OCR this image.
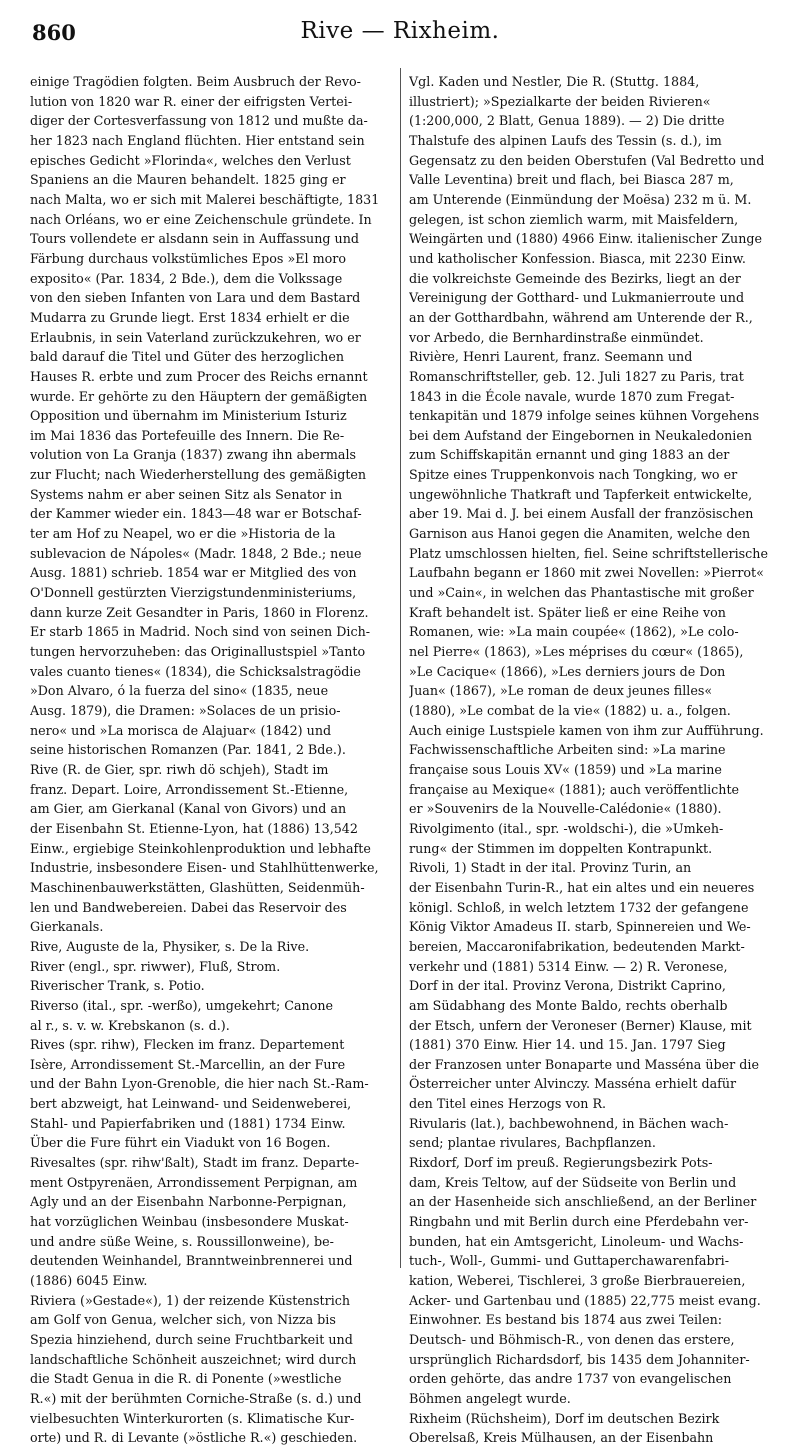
860	Rive — Rixheim.
einige Tragödien folgten. Beim Ausbruch der Revo-
lution von 1820 war R. einer der eifrigsten Vertei-
diger der Cortesverfassung von 1812 und mußte da-
her 1823 nach England flüchten. Hier entstand sein
episches Gedicht »Florinda«, welches den Verlust
Spaniens an die Mauren behandelt. 1825 ging er
nach Malta, wo er sich mit Malerei beschäftigte, 1831
nach Orléans, wo er eine Zeichenschule gründete. In
Tours vollendete er alsdann sein in Auffassung und
Färbung durchaus volkstümliches Epos »El moro
exposito« (Par. 1834, 2 Bde.), dem die Volkssage
von den sieben Infanten von Lara und dem Bastard
Mudarra zu Grunde liegt. Erst 1834 erhielt er die
Erlaubnis, in sein Vaterland zurückzukehren, wo er
bald darauf die Titel und Güter des herzoglichen
Hauses R. erbte und zum Procer des Reichs ernannt
wurde. Er gehörte zu den Häuptern der gemäßigten
Opposition und übernahm im Ministerium Isturiz
im Mai 1836 das Portefeuille des Innern. Die Re-
volution von La Granja (1837) zwang ihn abermals
zur Flucht; nach Wiederherstellung des gemäßigten
Systems nahm er aber seinen Sitz als Senator in
der Kammer wieder ein. 1843—48 war er Botschaf-
ter am Hof zu Neapel, wo er die »Historia de la
sublevacion de Nápoles« (Madr. 1848, 2 Bde.; neue
Ausg. 1881) schrieb. 1854 war er Mitglied des von
O'Donnell gestürzten Vierzigstundenministeriums,
dann kurze Zeit Gesandter in Paris, 1860 in Florenz.
Er starb 1865 in Madrid. Noch sind von seinen Dich-
tungen hervorzuheben: das Originallustspiel »Tanto
vales cuanto tienes« (1834), die Schicksalstragödie
»Don Alvaro, ó la fuerza del sino« (1835, neue
Ausg. 1879), die Dramen: »Solaces de un prisio-
nero« und »La morisca de Alajuar« (1842) und
seine historischen Romanzen (Par. 1841, 2 Bde.).
Rive (R. de Gier, spr. riwh dö schjeh), Stadt im
franz. Depart. Loire, Arrondissement St.-Etienne,
am Gier, am Gierkanal (Kanal von Givors) und an
der Eisenbahn St. Etienne-Lyon, hat (1886) 13,542
Einw., ergiebige Steinkohlenproduktion und lebhafte
Industrie, insbesondere Eisen- und Stahlhüttenwerke,
Maschinenbauwerkstätten, Glashütten, Seidenmüh-
len und Bandwebereien. Dabei das Reservoir des
Gierkanals.
Rive, Auguste de la, Physiker, s. De la Rive.
River (engl., spr. riwwer), Fluß, Strom.
Riverischer Trank, s. Potio.
Riverso (ital., spr. -werßo), umgekehrt; Canone
al r., s. v. w. Krebskanon (s. d.).
Rives (spr. rihw), Flecken im franz. Departement
Isère, Arrondissement St.-Marcellin, an der Fure
und der Bahn Lyon-Grenoble, die hier nach St.-Ram-
bert abzweigt, hat Leinwand- und Seidenweberei,
Stahl- und Papierfabriken und (1881) 1734 Einw.
Über die Fure führt ein Viadukt von 16 Bogen.
Rivesaltes (spr. rihw'ßalt), Stadt im franz. Departe-
ment Ostpyrenäen, Arrondissement Perpignan, am
Agly und an der Eisenbahn Narbonne-Perpignan,
hat vorzüglichen Weinbau (insbesondere Muskat-
und andre süße Weine, s. Roussillonweine), be-
deutenden Weinhandel, Branntweinbrennerei und
(1886) 6045 Einw.
Riviera (»Gestade«), 1) der reizende Küstenstrich
am Golf von Genua, welcher sich, von Nizza bis
Spezia hinziehend, durch seine Fruchtbarkeit und
landschaftliche Schönheit auszeichnet; wird durch
die Stadt Genua in die R. di Ponente (»westliche
R.«) mit der berühmten Corniche-Straße (s. d.) und
vielbesuchten Winterkurorten (s. Klimatische Kur-
orte) und R. di Levante (»östliche R.«) geschieden.
Vgl. Kaden und Nestler, Die R. (Stuttg. 1884,
illustriert); »Spezialkarte der beiden Rivieren«
(1:200,000, 2 Blatt, Genua 1889). — 2) Die dritte
Thalstufe des alpinen Laufs des Tessin (s. d.), im
Gegensatz zu den beiden Oberstufen (Val Bedretto und
Valle Leventina) breit und flach, bei Biasca 287 m,
am Unterende (Einmündung der Moësa) 232 m ü. M.
gelegen, ist schon ziemlich warm, mit Maisfeldern,
Weingärten und (1880) 4966 Einw. italienischer Zunge
und katholischer Konfession. Biasca, mit 2230 Einw.
die volkreichste Gemeinde des Bezirks, liegt an der
Vereinigung der Gotthard- und Lukmanierroute und
an der Gotthardbahn, während am Unterende der R.,
vor Arbedo, die Bernhardinstraße einmündet.
Rivière, Henri Laurent, franz. Seemann und
Romanschriftsteller, geb. 12. Juli 1827 zu Paris, trat
1843 in die École navale, wurde 1870 zum Fregat-
tenkapitän und 1879 infolge seines kühnen Vorgehens
bei dem Aufstand der Eingebornen in Neukaledonien
zum Schiffskapitän ernannt und ging 1883 an der
Spitze eines Truppenkonvois nach Tongking, wo er
ungewöhnliche Thatkraft und Tapferkeit entwickelte,
aber 19. Mai d. J. bei einem Ausfall der französischen
Garnison aus Hanoi gegen die Anamiten, welche den
Platz umschlossen hielten, fiel. Seine schriftstellerische
Laufbahn begann er 1860 mit zwei Novellen: »Pierrot«
und »Cain«, in welchen das Phantastische mit großer
Kraft behandelt ist. Später ließ er eine Reihe von
Romanen, wie: »La main coupée« (1862), »Le colo-
nel Pierre« (1863), »Les méprises du cœur« (1865),
»Le Cacique« (1866), »Les derniers jours de Don
Juan« (1867), »Le roman de deux jeunes filles«
(1880), »Le combat de la vie« (1882) u. a., folgen.
Auch einige Lustspiele kamen von ihm zur Aufführung.
Fachwissenschaftliche Arbeiten sind: »La marine
française sous Louis XV« (1859) und »La marine
française au Mexique« (1881); auch veröffentlichte
er »Souvenirs de la Nouvelle-Calédonie« (1880).
Rivolgimento (ital., spr. -woldschi-), die »Umkeh-
rung« der Stimmen im doppelten Kontrapunkt.
Rivoli, 1) Stadt in der ital. Provinz Turin, an
der Eisenbahn Turin-R., hat ein altes und ein neueres
königl. Schloß, in welch letztem 1732 der gefangene
König Viktor Amadeus II. starb, Spinnereien und We-
bereien, Maccaronifabrikation, bedeutenden Markt-
verkehr und (1881) 5314 Einw. — 2) R. Veronese,
Dorf in der ital. Provinz Verona, Distrikt Caprino,
am Südabhang des Monte Baldo, rechts oberhalb
der Etsch, unfern der Veroneser (Berner) Klause, mit
(1881) 370 Einw. Hier 14. und 15. Jan. 1797 Sieg
der Franzosen unter Bonaparte und Masséna über die
Österreicher unter Alvinczy. Masséna erhielt dafür
den Titel eines Herzogs von R.
Rivularis (lat.), bachbewohnend, in Bächen wach-
send; plantae rivulares, Bachpflanzen.
Rixdorf, Dorf im preuß. Regierungsbezirk Pots-
dam, Kreis Teltow, auf der Südseite von Berlin und
an der Hasenheide sich anschließend, an der Berliner
Ringbahn und mit Berlin durch eine Pferdebahn ver-
bunden, hat ein Amtsgericht, Linoleum- und Wachs-
tuch-, Woll-, Gummi- und Guttaperchawarenfabri-
kation, Weberei, Tischlerei, 3 große Bierbrauereien,
Acker- und Gartenbau und (1885) 22,775 meist evang.
Einwohner. Es bestand bis 1874 aus zwei Teilen:
Deutsch- und Böhmisch-R., von denen das erstere,
ursprünglich Richardsdorf, bis 1435 dem Johanniter-
orden gehörte, das andre 1737 von evangelischen
Böhmen angelegt wurde.
Rixheim (Rüchsheim), Dorf im deutschen Bezirk
Oberelsaß, Kreis Mülhausen, an der Eisenbahn
